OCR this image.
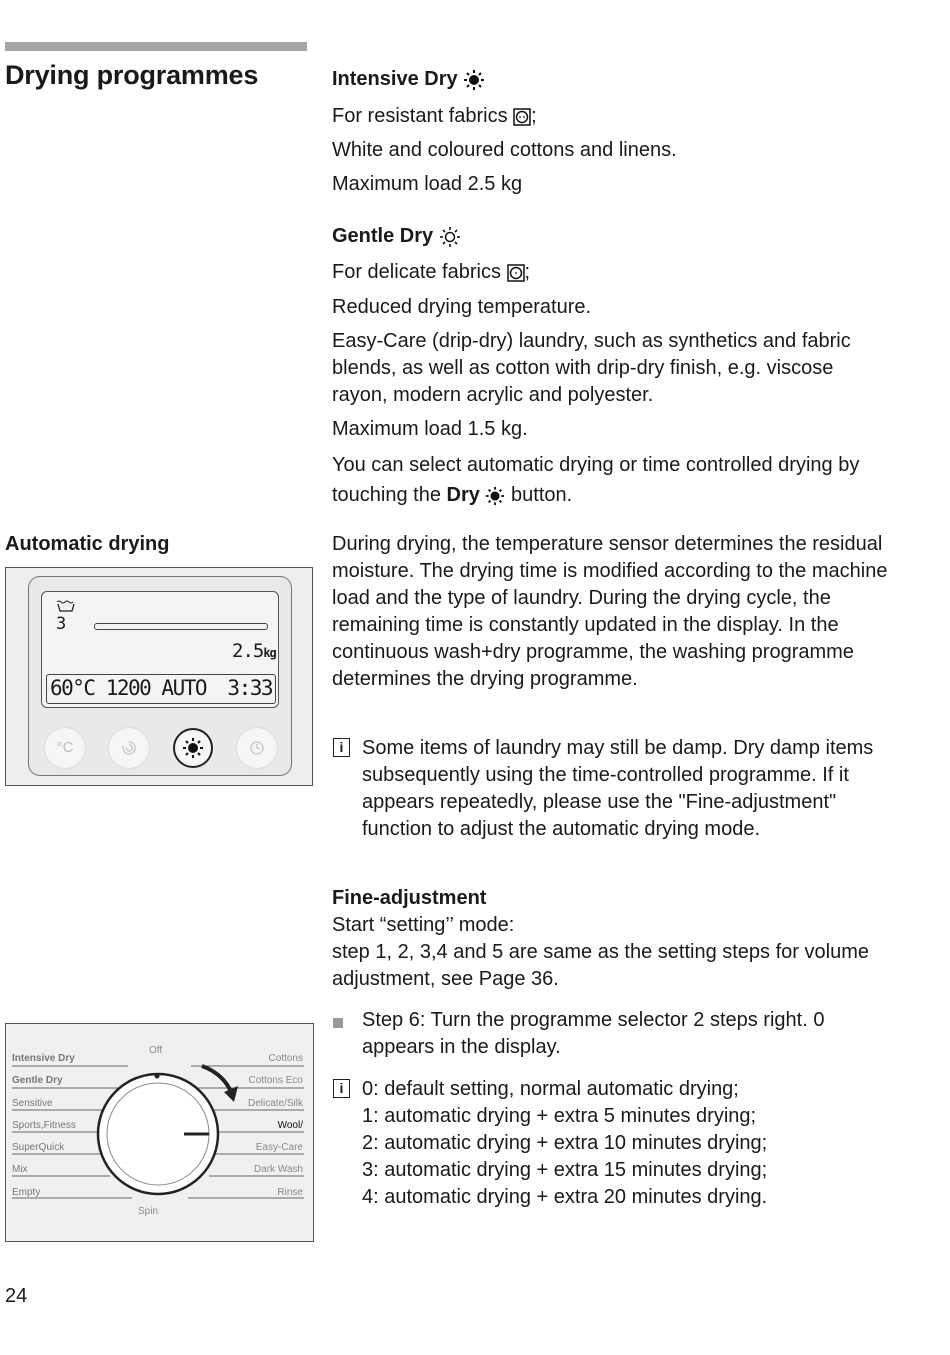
Drying programmes	Intensive Dry
For resistant fabrics ;
White and coloured cottons and linens.
Maximum load 2.5 kg
Gentle Dry
For delicate fabrics ;
Reduced drying temperature.

Easy-Care (drip-dry) laundry, such as synthetics and fabric blends, as well as cotton with drip-dry finish, e.g. viscose rayon, modern acrylic and polyester.

Maximum load 1.5 kg.

You can select automatic drying or time controlled drying by touching the Dry  button.

Automatic drying	During drying, the temperature sensor determines the residual moisture. The drying time is modified according to the machine load and the type of laundry. During the drying cycle, the remaining time is constantly updated in the display. In the continuous wash+dry programme, the washing programme determines the drying programme.

i Some items of laundry may still be damp. Dry damp items subsequently using the time-controlled programme. If it appears repeatedly, please use the "Fine-adjustment" function to adjust the automatic drying mode.
3
2.5kg
60°C 1200 AUTO 3:33
°C
Fine-adjustment
Start “setting’’ mode:

step 1, 2, 3,4 and 5 are same as the setting steps for volume adjustment, see Page 36.

Step 6: Turn the programme selector 2 steps right. 0 appears in the display.
i 0: default setting, normal automatic drying;
1: automatic drying + extra 5 minutes drying;
2: automatic drying + extra 10 minutes drying;
3: automatic drying + extra 15 minutes drying;
4: automatic drying + extra 20 minutes drying.
Intensive Dry
Gentle Dry
Sensitive
Sports,Fitness
SuperQuick
Mix
Empty
Cottons
Cottons Eco
Delicate/Silk
Wool/
Easy-Care
Dark Wash
Rinse
Off
Spin
24
